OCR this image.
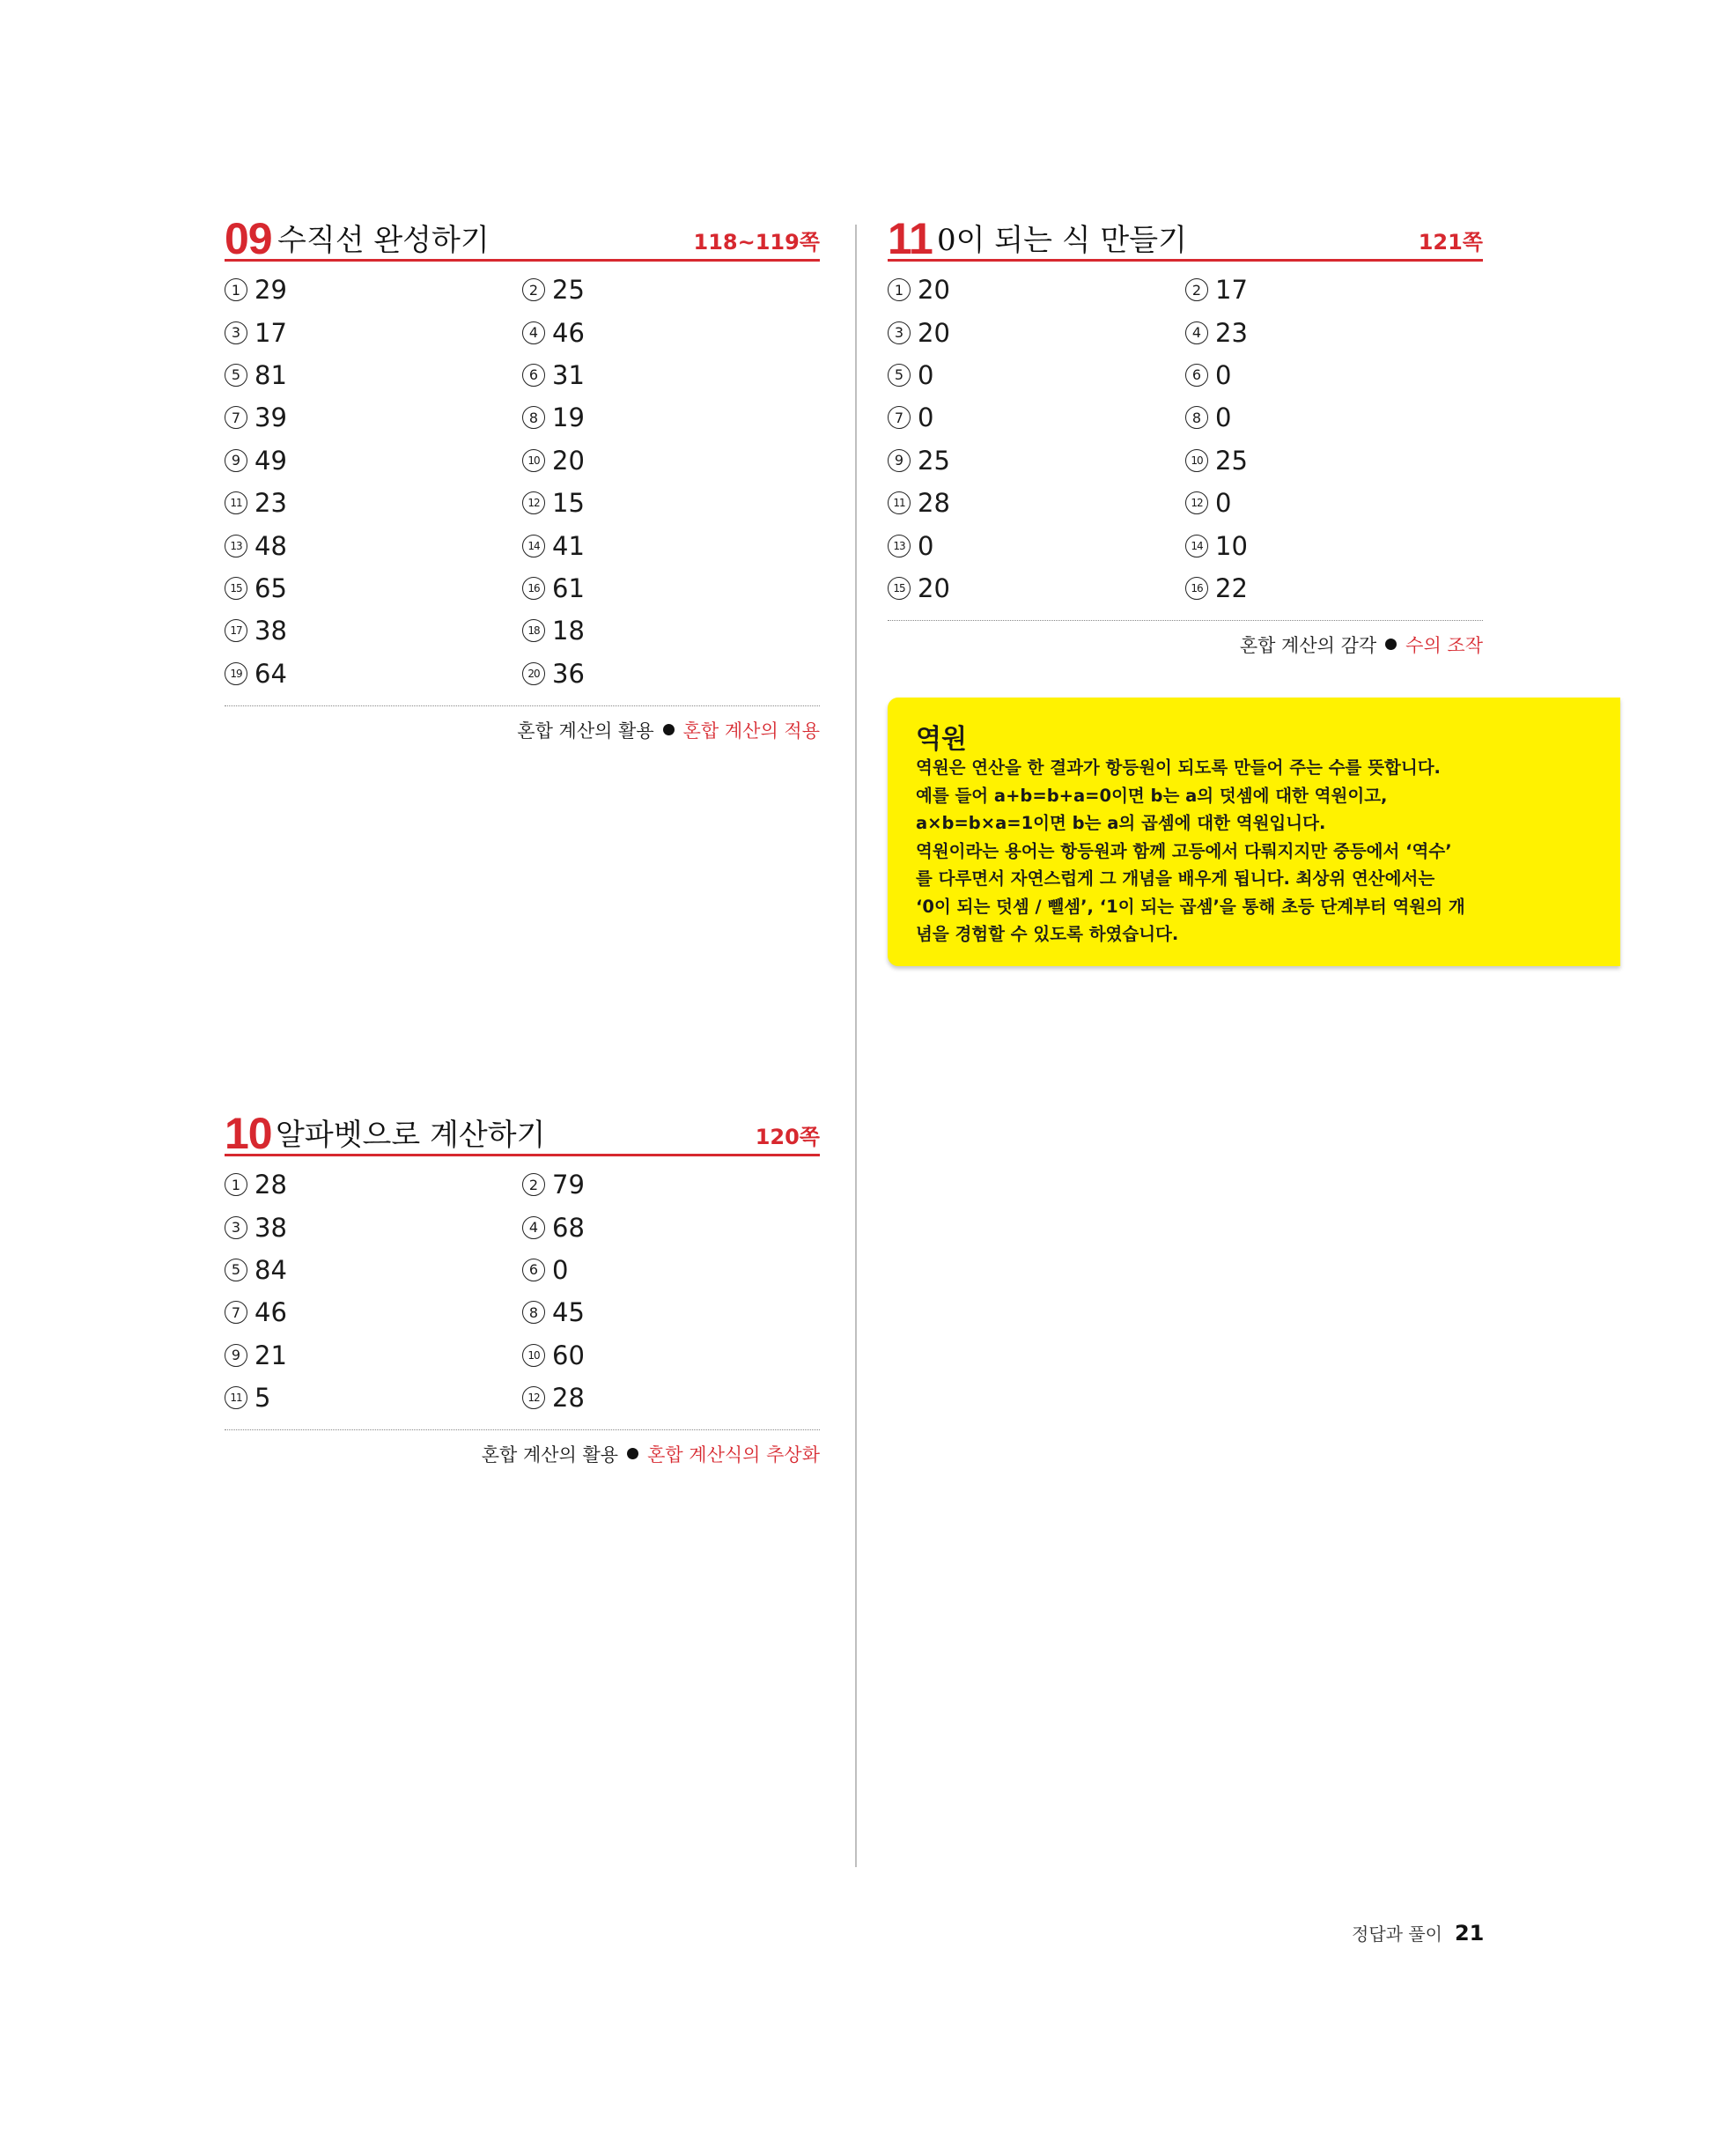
09 수직선 완성하기	118~119쪽
1 29	2 25
3 17	4 46
5 81	6 31
7 39	8 19
9 49	10 20
11 23	12 15
13 48	14 41
15 65	16 61
17 38	18 18
19 64	20 36
혼합 계산의 활용 혼합 계산의 적용
10 알파벳으로 계산하기	120쪽
1 28	2 79
3 38	4 68
5 84	6 0
7 46	8 45
9 21	10 60
11 5	12 28
혼합 계산의 활용 혼합 계산식의 추상화
11 0이 되는 식 만들기	121쪽
1 20	2 17
3 20	4 23
5 0	6 0
7 0	8 0
9 25	10 25
11 28	12 0
13 0	14 10
15 20	16 22
혼합 계산의 감각 수의 조작
역원
역원은 연산을 한 결과가 항등원이 되도록 만들어 주는 수를 뜻합니다.
예를 들어 a+b=b+a=0이면 b는 a의 덧셈에 대한 역원이고,
a×b=b×a=1이면 b는 a의 곱셈에 대한 역원입니다.
역원이라는 용어는 항등원과 함께 고등에서 다뤄지지만 중등에서 ‘역수’
를 다루면서 자연스럽게 그 개념을 배우게 됩니다. 최상위 연산에서는
‘0이 되는 덧셈 / 뺄셈’, ‘1이 되는 곱셈’을 통해 초등 단계부터 역원의 개
념을 경험할 수 있도록 하였습니다.
정답과 풀이 21
